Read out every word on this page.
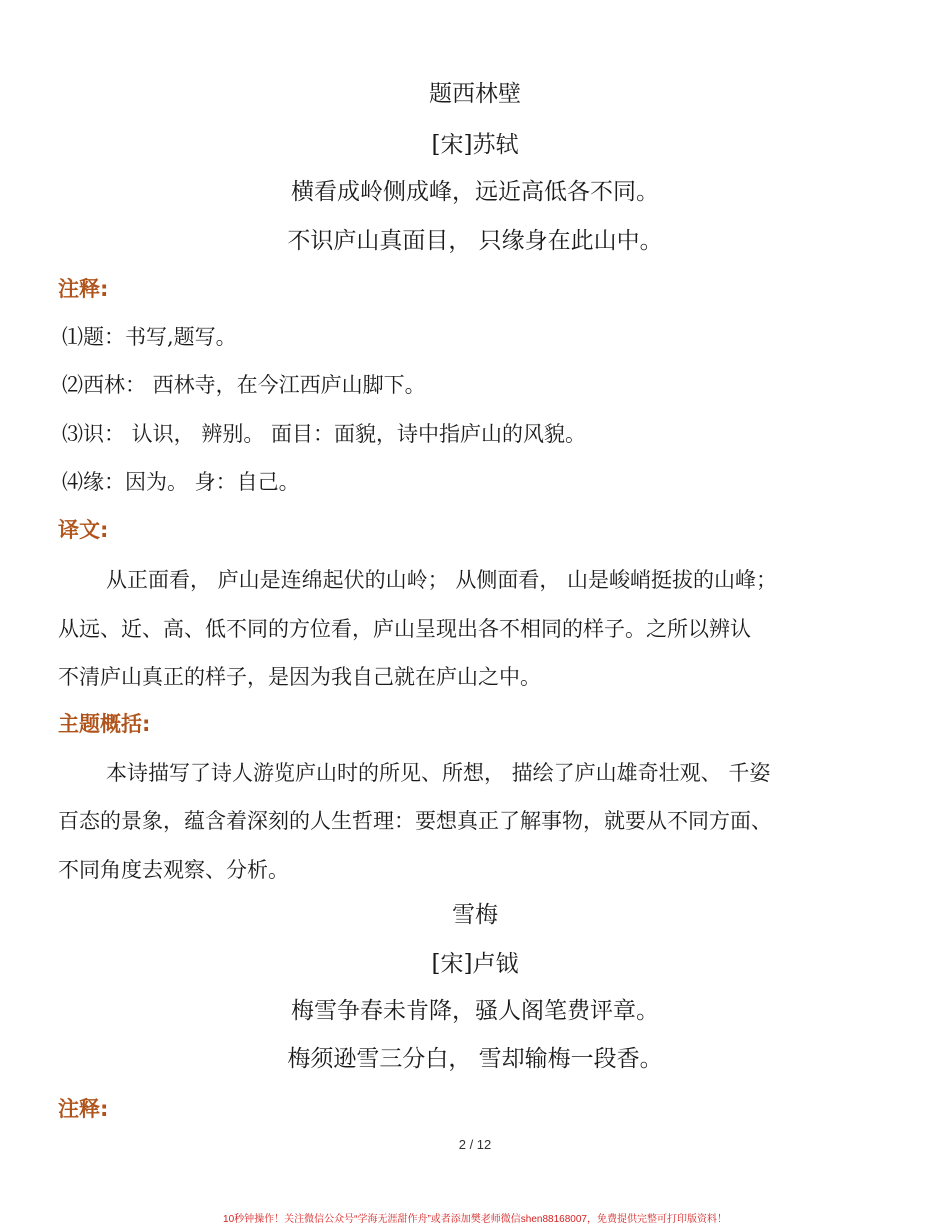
题西林壁
[宋]苏轼
横看成岭侧成峰，远近高低各不同。
不识庐山真面目， 只缘身在此山中。
注释:
⑴题：书写,题写。
⑵西林： 西林寺，在今江西庐山脚下。
⑶识： 认识， 辨别。 面目：面貌，诗中指庐山的风貌。
⑷缘：因为。 身：自己。
译文:
从正面看， 庐山是连绵起伏的山岭； 从侧面看， 山是峻峭挺拔的山峰；
从远、近、高、低不同的方位看，庐山呈现出各不相同的样子。之所以辨认
不清庐山真正的样子，是因为我自己就在庐山之中。
主题概括:
本诗描写了诗人游览庐山时的所见、所想， 描绘了庐山雄奇壮观、 千姿
百态的景象，蕴含着深刻的人生哲理：要想真正了解事物，就要从不同方面、
不同角度去观察、分析。
雪梅
[宋]卢钺
梅雪争春未肯降，骚人阁笔费评章。
梅须逊雪三分白， 雪却输梅一段香。
注释:
2 / 12
10秒钟操作！关注微信公众号“学海无涯甜作舟”或者添加樊老师微信shen88168007，免费提供完整可打印版资料！
